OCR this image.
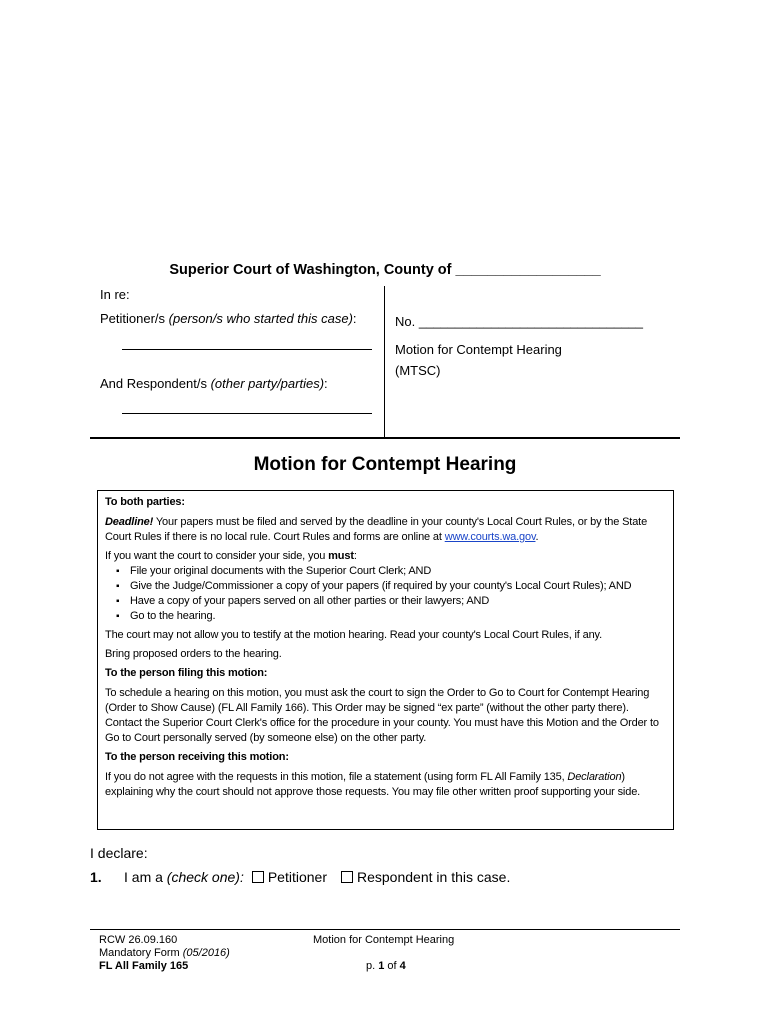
Superior Court of Washington, County of __________________
In re:
Petitioner/s (person/s who started this case):
And Respondent/s (other party/parties):
No. _______________________________
Motion for Contempt Hearing
(MTSC)
Motion for Contempt Hearing

To both parties:

Deadline! Your papers must be filed and served by the deadline in your county's Local Court Rules, or by the State Court Rules if there is no local rule. Court Rules and forms are online at www.courts.wa.gov.

If you want the court to consider your side, you must:

▪ File your original documents with the Superior Court Clerk; AND
▪ Give the Judge/Commissioner a copy of your papers (if required by your county's Local Court Rules); AND
▪ Have a copy of your papers served on all other parties or their lawyers; AND
▪ Go to the hearing.

The court may not allow you to testify at the motion hearing. Read your county's Local Court Rules, if any.

Bring proposed orders to the hearing.

To the person filing this motion:

To schedule a hearing on this motion, you must ask the court to sign the Order to Go to Court for Contempt Hearing (Order to Show Cause) (FL All Family 166). This Order may be signed “ex parte” (without the other party there). Contact the Superior Court Clerk's office for the procedure in your county. You must have this Motion and the Order to Go to Court personally served (by someone else) on the other party.

To the person receiving this motion:

If you do not agree with the requests in this motion, file a statement (using form FL All Family 135, Declaration) explaining why the court should not approve those requests. You may file other written proof supporting your side.

I declare:
1. I am a (check one): Petitioner Respondent in this case.
RCW 26.09.160
Mandatory Form (05/2016)
FL All Family 165
Motion for Contempt Hearing
p. 1 of 4
